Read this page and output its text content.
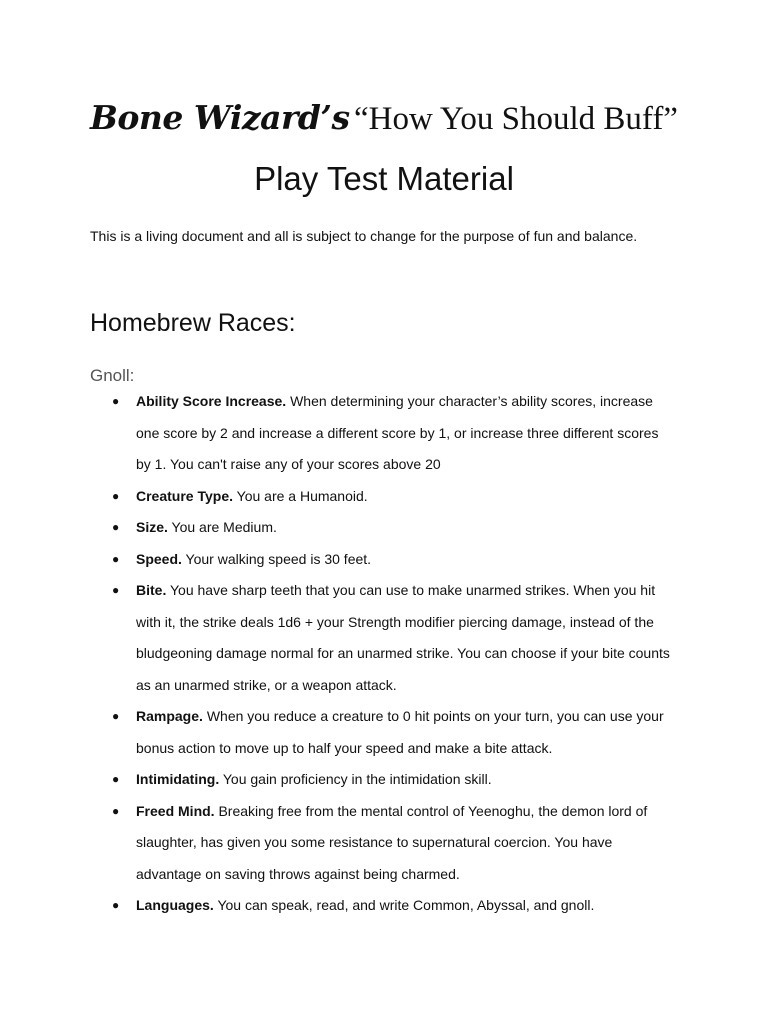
Bone Wizard’s “How You Should Buff”
Play Test Material
This is a living document and all is subject to change for the purpose of fun and balance.
Homebrew Races:
Gnoll:
● Ability Score Increase. When determining your character’s ability scores, increase one score by 2 and increase a different score by 1, or increase three different scores by 1. You can't raise any of your scores above 20
● Creature Type. You are a Humanoid.
● Size. You are Medium.
● Speed. Your walking speed is 30 feet.
● Bite. You have sharp teeth that you can use to make unarmed strikes. When you hit with it, the strike deals 1d6 + your Strength modifier piercing damage, instead of the bludgeoning damage normal for an unarmed strike. You can choose if your bite counts as an unarmed strike, or a weapon attack.
● Rampage. When you reduce a creature to 0 hit points on your turn, you can use your bonus action to move up to half your speed and make a bite attack.
● Intimidating. You gain proficiency in the intimidation skill.
● Freed Mind. Breaking free from the mental control of Yeenoghu, the demon lord of slaughter, has given you some resistance to supernatural coercion. You have advantage on saving throws against being charmed.
● Languages. You can speak, read, and write Common, Abyssal, and gnoll.
